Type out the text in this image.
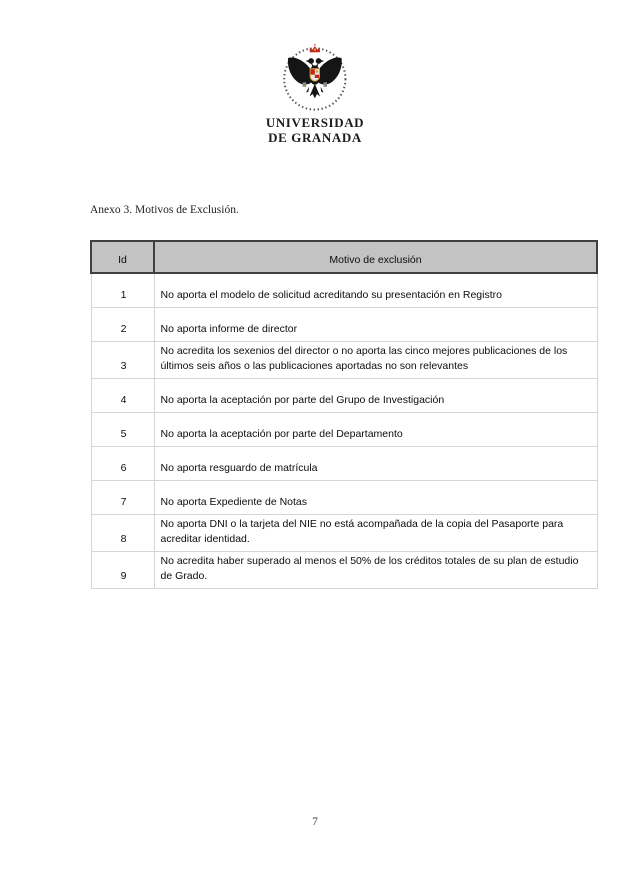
UNIVERSIDAD
DE GRANADA
Anexo 3. Motivos de Exclusión.
Id	Motivo de exclusión
1	No aporta el modelo de solicitud acreditando su presentación en Registro
2	No aporta informe de director
3	No acredita los sexenios del director o no aporta las cinco mejores publicaciones de los últimos seis años o las publicaciones aportadas no son relevantes
4	No aporta la aceptación por parte del Grupo de Investigación
5	No aporta la aceptación por parte del Departamento
6	No aporta resguardo de matrícula
7	No aporta Expediente de Notas
8	No aporta DNI o la tarjeta del NIE no está acompañada de la copia del Pasaporte para acreditar identidad.
9	No acredita haber superado al menos el 50% de los créditos totales de su plan de estudio de Grado.
7
